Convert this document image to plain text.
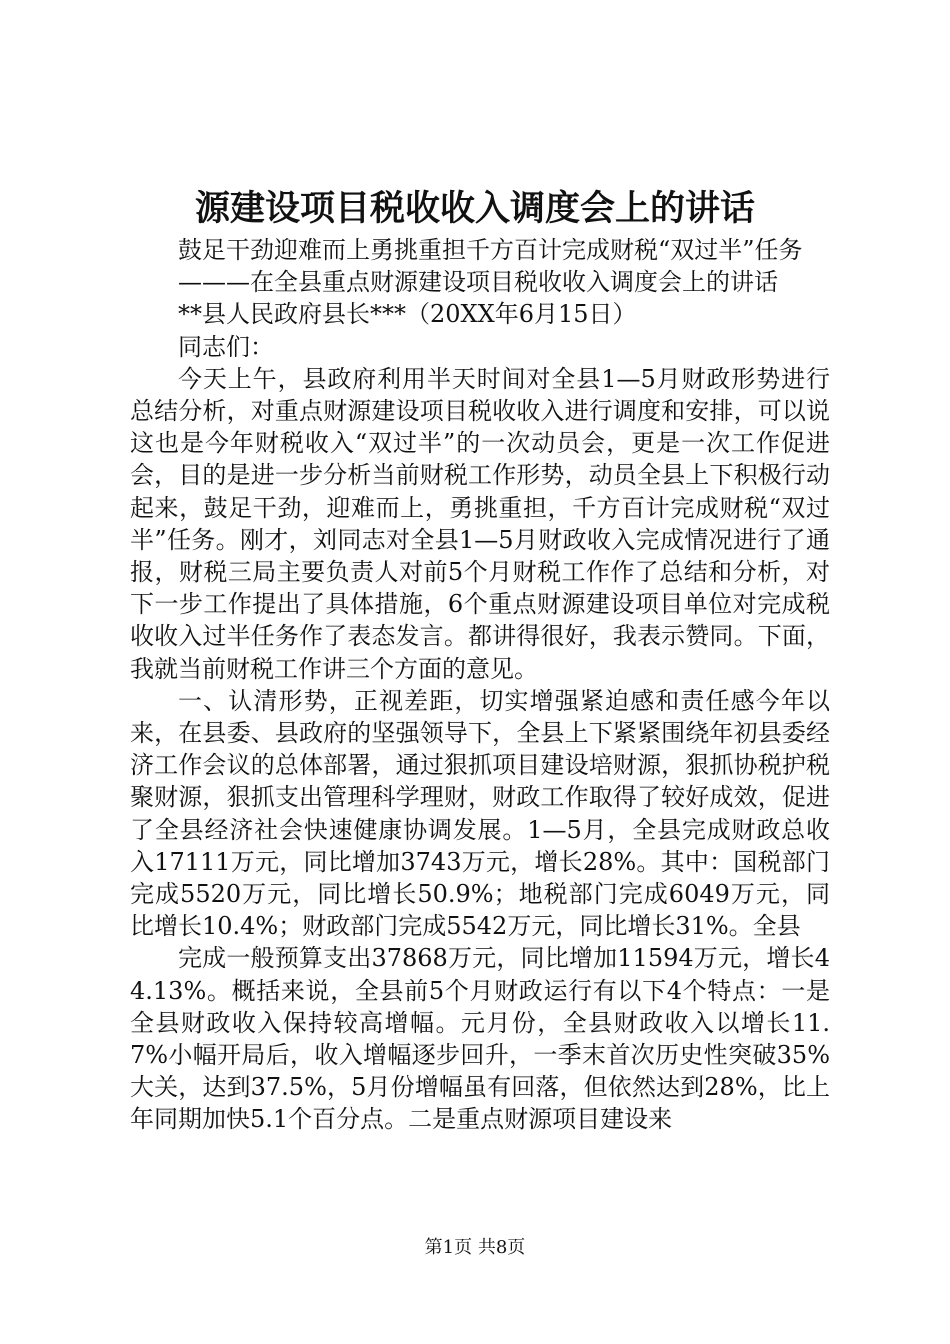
源建设项目税收收入调度会上的讲话

鼓足干劲迎难而上勇挑重担千方百计完成财税“双过半”任务

———在全县重点财源建设项目税收收入调度会上的讲话

**县人民政府县长***（20XX年6月15日）

同志们：

今天上午，县政府利用半天时间对全县1—5月财政形势进行总结分析，对重点财源建设项目税收收入进行调度和安排，可以说这也是今年财税收入“双过半”的一次动员会，更是一次工作促进会，目的是进一步分析当前财税工作形势，动员全县上下积极行动起来，鼓足干劲，迎难而上，勇挑重担，千方百计完成财税“双过半”任务。刚才，刘同志对全县1—5月财政收入完成情况进行了通报，财税三局主要负责人对前5个月财税工作作了总结和分析，对下一步工作提出了具体措施，6个重点财源建设项目单位对完成税收收入过半任务作了表态发言。都讲得很好，我表示赞同。下面，我就当前财税工作讲三个方面的意见。

一、认清形势，正视差距，切实增强紧迫感和责任感今年以来，在县委、县政府的坚强领导下，全县上下紧紧围绕年初县委经济工作会议的总体部署，通过狠抓项目建设培财源，狠抓协税护税聚财源，狠抓支出管理科学理财，财政工作取得了较好成效，促进了全县经济社会快速健康协调发展。1—5月，全县完成财政总收入17111万元，同比增加3743万元，增长28%。其中：国税部门完成5520万元，同比增长50.9%；地税部门完成6049万元，同比增长10.4%；财政部门完成5542万元，同比增长31%。全县

完成一般预算支出37868万元，同比增加11594万元，增长44.13%。概括来说，全县前5个月财政运行有以下4个特点：一是全县财政收入保持较高增幅。元月份，全县财政收入以增长11.7%小幅开局后，收入增幅逐步回升，一季末首次历史性突破35%大关，达到37.5%，5月份增幅虽有回落，但依然达到28%，比上年同期加快5.1个百分点。二是重点财源项目建设来

第1页 共8页
